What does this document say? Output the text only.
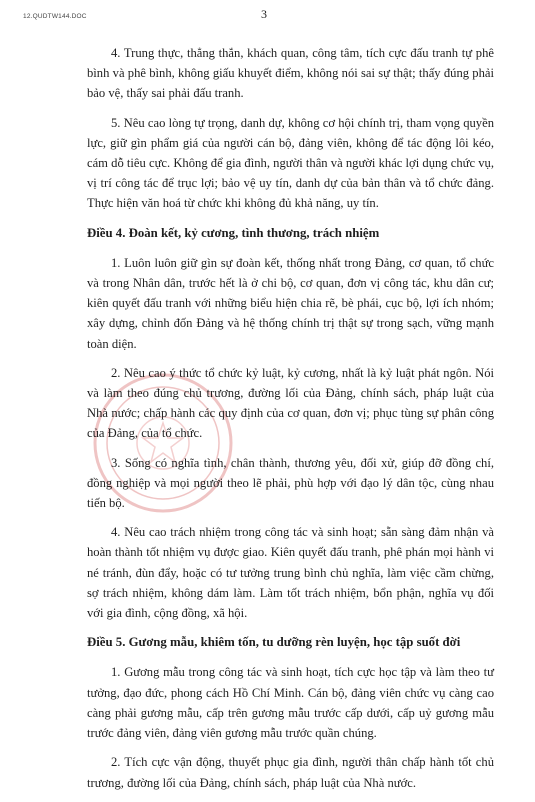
12.QUDTW144.DOC	3

4. Trung thực, thẳng thắn, khách quan, công tâm, tích cực đấu tranh tự phê bình và phê bình, không giấu khuyết điểm, không nói sai sự thật; thấy đúng phải bảo vệ, thấy sai phải đấu tranh.

5. Nêu cao lòng tự trọng, danh dự, không cơ hội chính trị, tham vọng quyền lực, giữ gìn phẩm giá của người cán bộ, đảng viên, không để tác động lôi kéo, cám dỗ tiêu cực. Không để gia đình, người thân và người khác lợi dụng chức vụ, vị trí công tác để trục lợi; bảo vệ uy tín, danh dự của bản thân và tổ chức đảng. Thực hiện văn hoá từ chức khi không đủ khả năng, uy tín.

Điều 4. Đoàn kết, kỷ cương, tình thương, trách nhiệm

1. Luôn luôn giữ gìn sự đoàn kết, thống nhất trong Đảng, cơ quan, tổ chức và trong Nhân dân, trước hết là ở chi bộ, cơ quan, đơn vị công tác, khu dân cư; kiên quyết đấu tranh với những biểu hiện chia rẽ, bè phái, cục bộ, lợi ích nhóm; xây dựng, chỉnh đốn Đảng và hệ thống chính trị thật sự trong sạch, vững mạnh toàn diện.

2. Nêu cao ý thức tổ chức kỷ luật, kỷ cương, nhất là kỷ luật phát ngôn. Nói và làm theo đúng chủ trương, đường lối của Đảng, chính sách, pháp luật của Nhà nước; chấp hành các quy định của cơ quan, đơn vị; phục tùng sự phân công của Đảng, của tổ chức.

3. Sống có nghĩa tình, chân thành, thương yêu, đối xử, giúp đỡ đồng chí, đồng nghiệp và mọi người theo lẽ phải, phù hợp với đạo lý dân tộc, cùng nhau tiến bộ.

4. Nêu cao trách nhiệm trong công tác và sinh hoạt; sẵn sàng đảm nhận và hoàn thành tốt nhiệm vụ được giao. Kiên quyết đấu tranh, phê phán mọi hành vi né tránh, đùn đẩy, hoặc có tư tưởng trung bình chủ nghĩa, làm việc cầm chừng, sợ trách nhiệm, không dám làm. Làm tốt trách nhiệm, bổn phận, nghĩa vụ đối với gia đình, cộng đồng, xã hội.

Điều 5. Gương mẫu, khiêm tốn, tu dưỡng rèn luyện, học tập suốt đời

1. Gương mẫu trong công tác và sinh hoạt, tích cực học tập và làm theo tư tưởng, đạo đức, phong cách Hồ Chí Minh. Cán bộ, đảng viên chức vụ càng cao càng phải gương mẫu, cấp trên gương mẫu trước cấp dưới, cấp uỷ gương mẫu trước đảng viên, đảng viên gương mẫu trước quần chúng.

2. Tích cực vận động, thuyết phục gia đình, người thân chấp hành tốt chủ trương, đường lối của Đảng, chính sách, pháp luật của Nhà nước.
